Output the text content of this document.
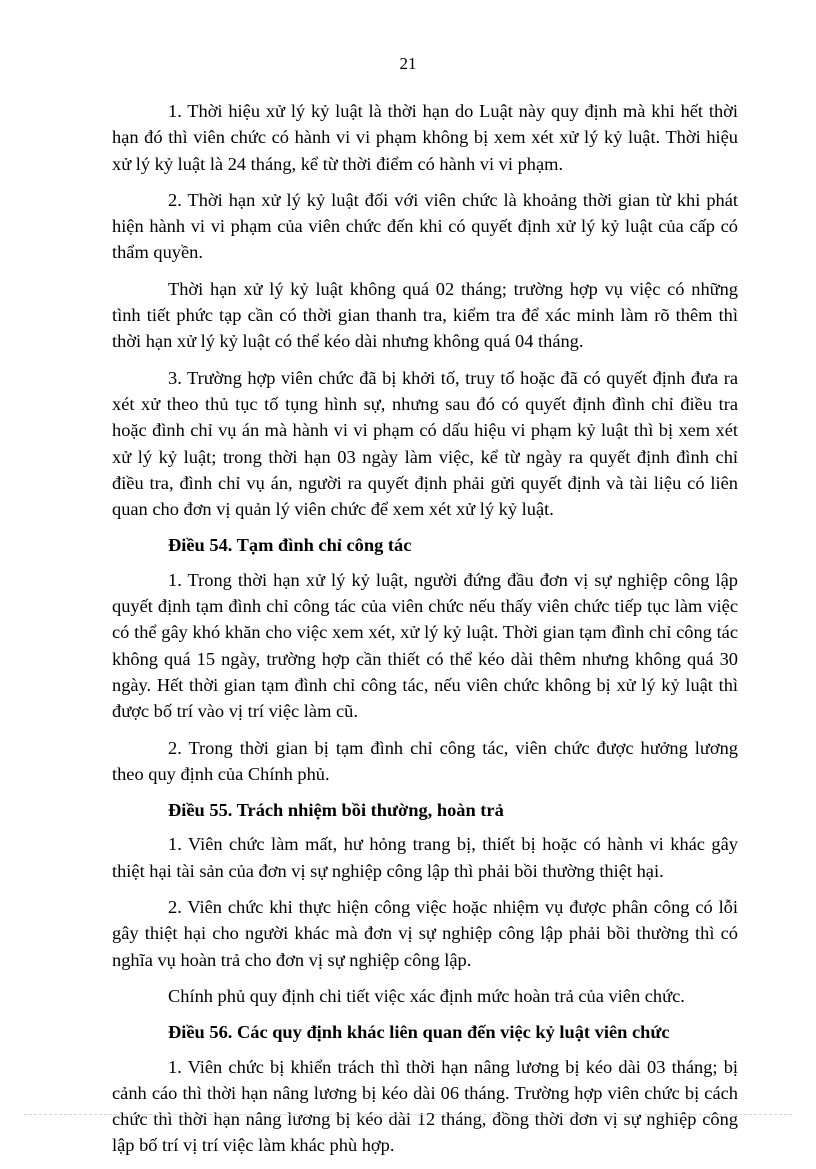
21

1. Thời hiệu xử lý kỷ luật là thời hạn do Luật này quy định mà khi hết thời hạn đó thì viên chức có hành vi vi phạm không bị xem xét xử lý kỷ luật. Thời hiệu xử lý kỷ luật là 24 tháng, kể từ thời điểm có hành vi vi phạm.

2. Thời hạn xử lý kỷ luật đối với viên chức là khoảng thời gian từ khi phát hiện hành vi vi phạm của viên chức đến khi có quyết định xử lý kỷ luật của cấp có thẩm quyền.

Thời hạn xử lý kỷ luật không quá 02 tháng; trường hợp vụ việc có những tình tiết phức tạp cần có thời gian thanh tra, kiểm tra để xác minh làm rõ thêm thì thời hạn xử lý kỷ luật có thể kéo dài nhưng không quá 04 tháng.

3. Trường hợp viên chức đã bị khởi tố, truy tố hoặc đã có quyết định đưa ra xét xử theo thủ tục tố tụng hình sự, nhưng sau đó có quyết định đình chỉ điều tra hoặc đình chỉ vụ án mà hành vi vi phạm có dấu hiệu vi phạm kỷ luật thì bị xem xét xử lý kỷ luật; trong thời hạn 03 ngày làm việc, kể từ ngày ra quyết định đình chỉ điều tra, đình chỉ vụ án, người ra quyết định phải gửi quyết định và tài liệu có liên quan cho đơn vị quản lý viên chức để xem xét xử lý kỷ luật.

Điều 54. Tạm đình chỉ công tác

1. Trong thời hạn xử lý kỷ luật, người đứng đầu đơn vị sự nghiệp công lập quyết định tạm đình chỉ công tác của viên chức nếu thấy viên chức tiếp tục làm việc có thể gây khó khăn cho việc xem xét, xử lý kỷ luật. Thời gian tạm đình chỉ công tác không quá 15 ngày, trường hợp cần thiết có thể kéo dài thêm nhưng không quá 30 ngày. Hết thời gian tạm đình chỉ công tác, nếu viên chức không bị xử lý kỷ luật thì được bố trí vào vị trí việc làm cũ.

2. Trong thời gian bị tạm đình chỉ công tác, viên chức được hưởng lương theo quy định của Chính phủ.

Điều 55. Trách nhiệm bồi thường, hoàn trả

1. Viên chức làm mất, hư hỏng trang bị, thiết bị hoặc có hành vi khác gây thiệt hại tài sản của đơn vị sự nghiệp công lập thì phải bồi thường thiệt hại.

2. Viên chức khi thực hiện công việc hoặc nhiệm vụ được phân công có lỗi gây thiệt hại cho người khác mà đơn vị sự nghiệp công lập phải bồi thường thì có nghĩa vụ hoàn trả cho đơn vị sự nghiệp công lập.

Chính phủ quy định chi tiết việc xác định mức hoàn trả của viên chức.

Điều 56. Các quy định khác liên quan đến việc kỷ luật viên chức

1. Viên chức bị khiển trách thì thời hạn nâng lương bị kéo dài 03 tháng; bị cảnh cáo thì thời hạn nâng lương bị kéo dài 06 tháng. Trường hợp viên chức bị cách chức thì thời hạn nâng lương bị kéo dài 12 tháng, đồng thời đơn vị sự nghiệp công lập bố trí vị trí việc làm khác phù hợp.
